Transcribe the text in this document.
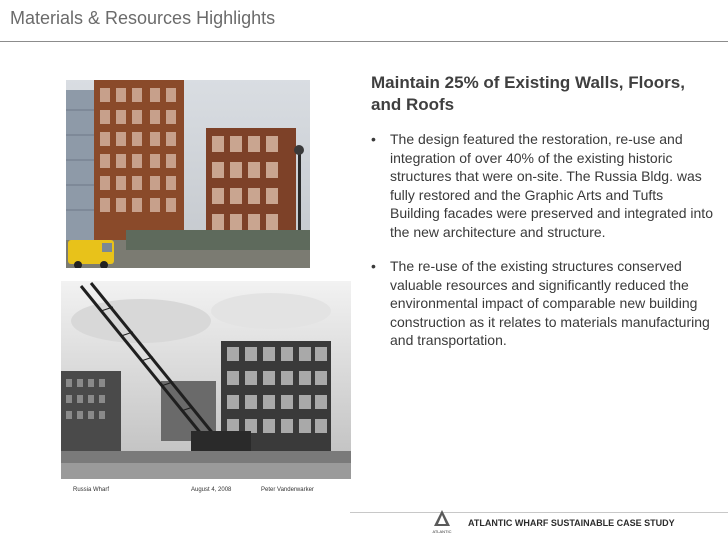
Materials & Resources Highlights
Russia Wharf	August 4, 2008	Peter Vanderwarker
Maintain 25% of Existing Walls, Floors, and Roofs
• The design featured the restoration, re-use and integration of over 40% of the existing historic structures that were on-site. The Russia Bldg. was fully restored and the Graphic Arts and Tufts Building facades were preserved and integrated into the new architecture and structure.
• The re-use of the existing structures conserved valuable resources and significantly reduced the environmental impact of comparable new building construction as it relates to materials manufacturing and transportation.
ATLANTIC
ATLANTIC WHARF SUSTAINABLE CASE STUDY
